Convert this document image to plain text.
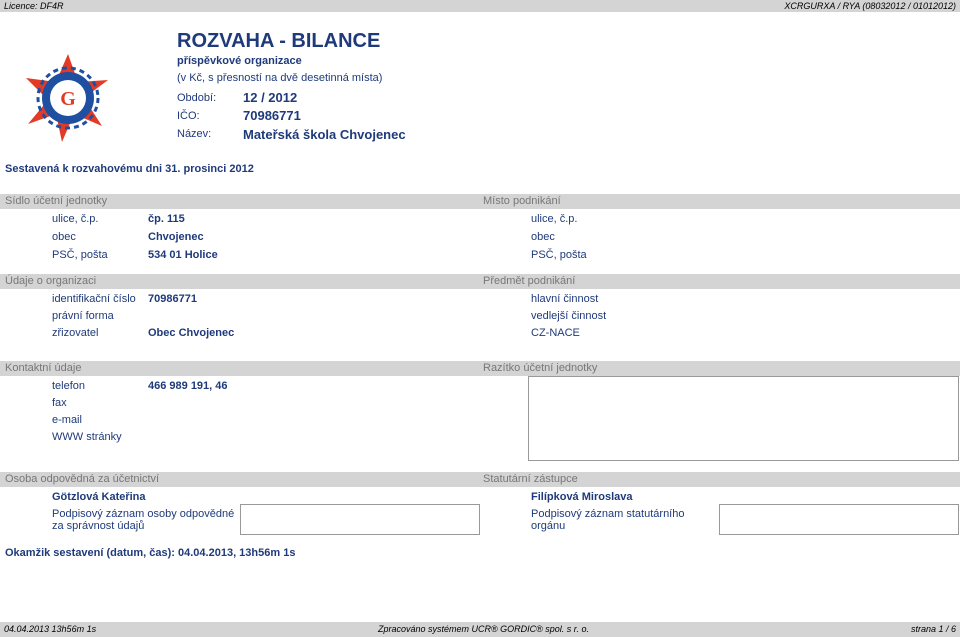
Licence: DF4R	XCRGURXA / RYA (08032012 / 01012012)
G
ROZVAHA - BILANCE
příspěvkové organizace
(v Kč, s přesností na dvě desetinná místa)
Období: 12 / 2012
IČO:	70986771
Název: Mateřská škola Chvojenec
Sestavená k rozvahovému dni 31. prosinci 2012
Sídlo účetní jednotky	Místo podnikání
ulice, č.p.	čp. 115
obec	Chvojenec
PSČ, pošta	534 01 Holice
ulice, č.p.
obec
PSČ, pošta
Údaje o organizaci	Předmět podnikání
identifikační číslo 70986771
právní forma
zřizovatel	Obec Chvojenec
hlavní činnost
vedlejší činnost
CZ-NACE
Kontaktní údaje	Razítko účetní jednotky
telefon	466 989 191, 46
fax
e-mail
WWW stránky
Osoba odpovědná za účetnictví	Statutární zástupce
Götzlová Kateřina
Podpisový záznam osoby odpovědné
za správnost údajů
Filípková Miroslava
Podpisový záznam statutárního
orgánu
Okamžik sestavení (datum, čas): 04.04.2013, 13h56m 1s
04.04.2013 13h56m 1s	Zpracováno systémem UCR® GORDIC® spol. s r. o.	strana 1 / 6
